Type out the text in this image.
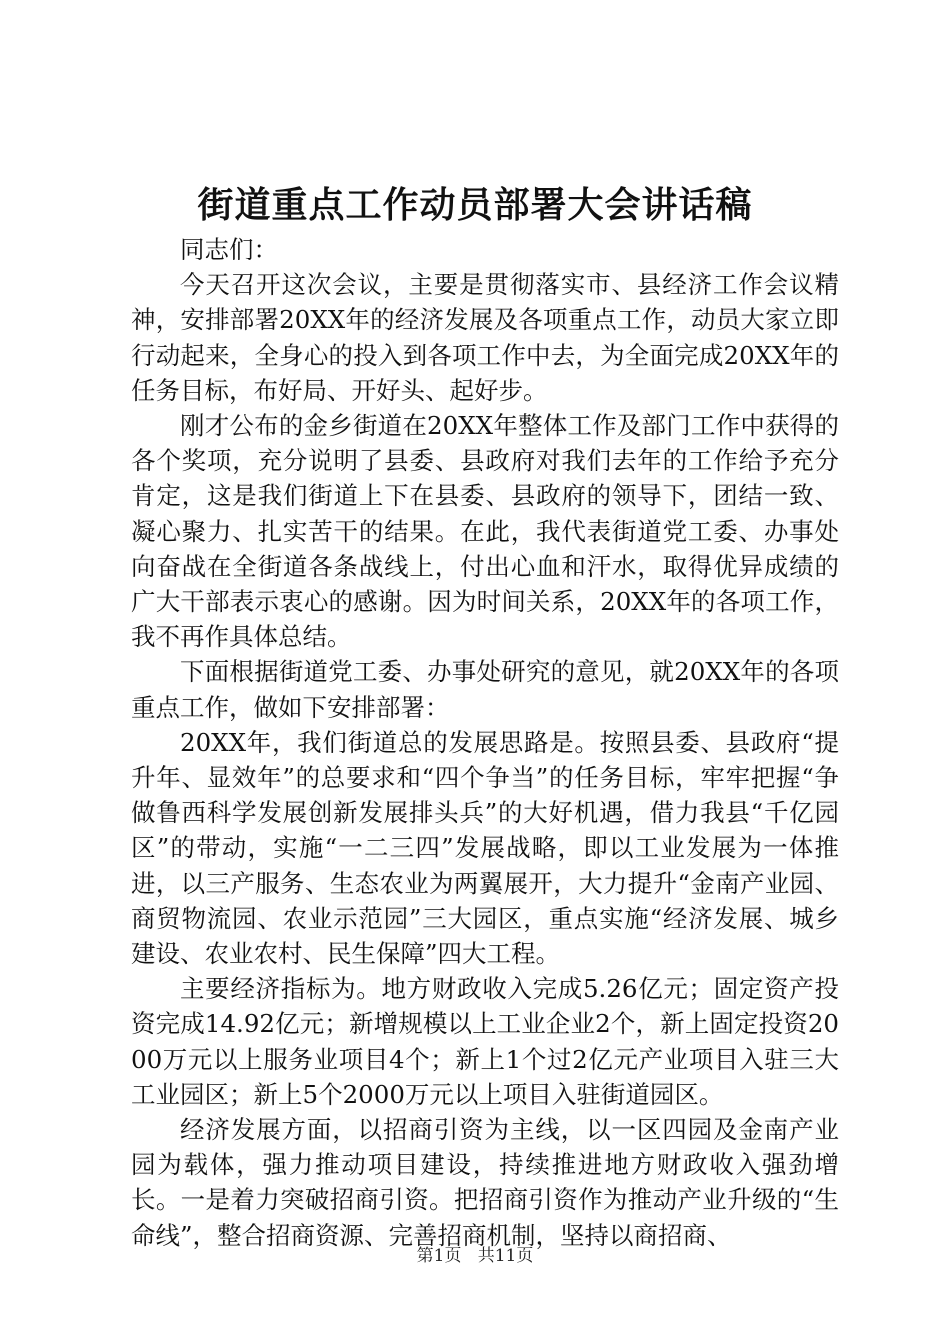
街道重点工作动员部署大会讲话稿

同志们：

今天召开这次会议，主要是贯彻落实市、县经济工作会议精神，安排部署20XX年的经济发展及各项重点工作，动员大家立即行动起来，全身心的投入到各项工作中去，为全面完成20XX年的任务目标，布好局、开好头、起好步。

刚才公布的金乡街道在20XX年整体工作及部门工作中获得的各个奖项，充分说明了县委、县政府对我们去年的工作给予充分肯定，这是我们街道上下在县委、县政府的领导下，团结一致、凝心聚力、扎实苦干的结果。在此，我代表街道党工委、办事处向奋战在全街道各条战线上，付出心血和汗水，取得优异成绩的广大干部表示衷心的感谢。因为时间关系，20XX年的各项工作，我不再作具体总结。

下面根据街道党工委、办事处研究的意见，就20XX年的各项重点工作，做如下安排部署：

20XX年，我们街道总的发展思路是。按照县委、县政府“提升年、显效年”的总要求和“四个争当”的任务目标，牢牢把握“争做鲁西科学发展创新发展排头兵”的大好机遇，借力我县“千亿园区”的带动，实施“一二三四”发展战略，即以工业发展为一体推进，以三产服务、生态农业为两翼展开，大力提升“金南产业园、商贸物流园、农业示范园”三大园区，重点实施“经济发展、城乡建设、农业农村、民生保障”四大工程。

主要经济指标为。地方财政收入完成5.26亿元；固定资产投资完成14.92亿元；新增规模以上工业企业2个，新上固定投资2000万元以上服务业项目4个；新上1个过2亿元产业项目入驻三大工业园区；新上5个2000万元以上项目入驻街道园区。

经济发展方面，以招商引资为主线，以一区四园及金南产业园为载体，强力推动项目建设，持续推进地方财政收入强劲增长。一是着力突破招商引资。把招商引资作为推动产业升级的“生命线”，整合招商资源、完善招商机制，坚持以商招商、

第1页 共11页
